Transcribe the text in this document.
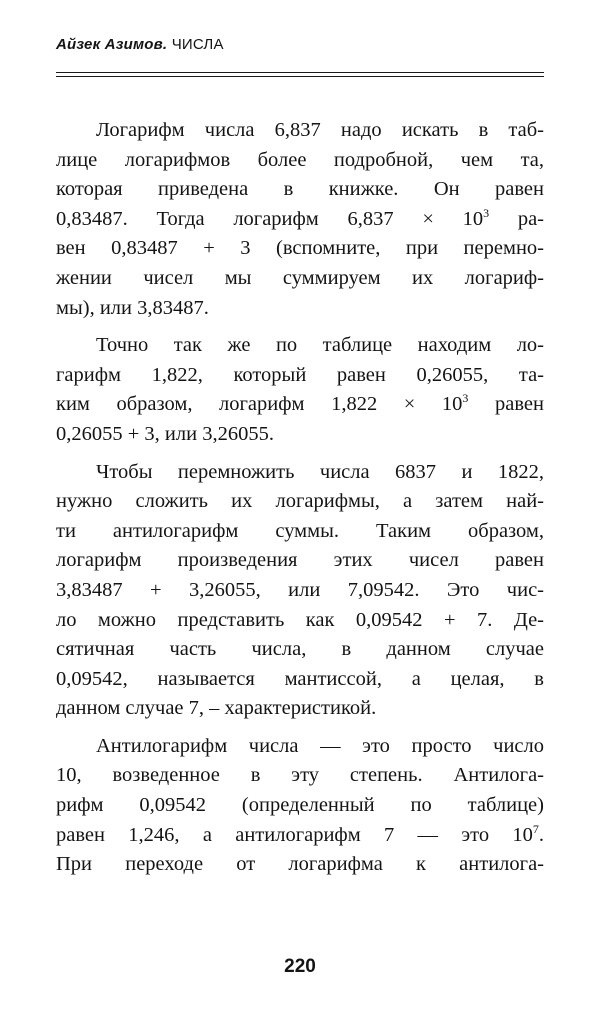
Айзек Азимов. ЧИСЛА
Логарифм числа 6,837 надо искать в таб-
лице логарифмов более подробной, чем та,
которая приведена в книжке. Он равен
0,83487. Тогда логарифм $6,837 \times 10^3$ ра-
вен 0,83487 + 3 (вспомните, при перемно-
жении чисел мы суммируем их логариф-
мы), или 3,83487.
Точно так же по таблице находим ло-
гарифм 1,822, который равен 0,26055, та-
ким образом, логарифм $1,822 \times 10^3$ равен
0,26055 + 3, или 3,26055.
Чтобы перемножить числа 6837 и 1822,
нужно сложить их логарифмы, а затем най-
ти антилогарифм суммы. Таким образом,
логарифм произведения этих чисел равен
3,83487 + 3,26055, или 7,09542. Это чис-
ло можно представить как 0,09542 + 7. Де-
сятичная часть числа, в данном случае
0,09542, называется мантиссой, а целая, в
данном случае 7, – характеристикой.
Антилогарифм числа — это просто число
10, возведенное в эту степень. Антилога-
рифм 0,09542 (определенный по таблице)
равен 1,246, а антилогарифм 7 — это $10^7$.
При переходе от логарифма к антилога-
220
